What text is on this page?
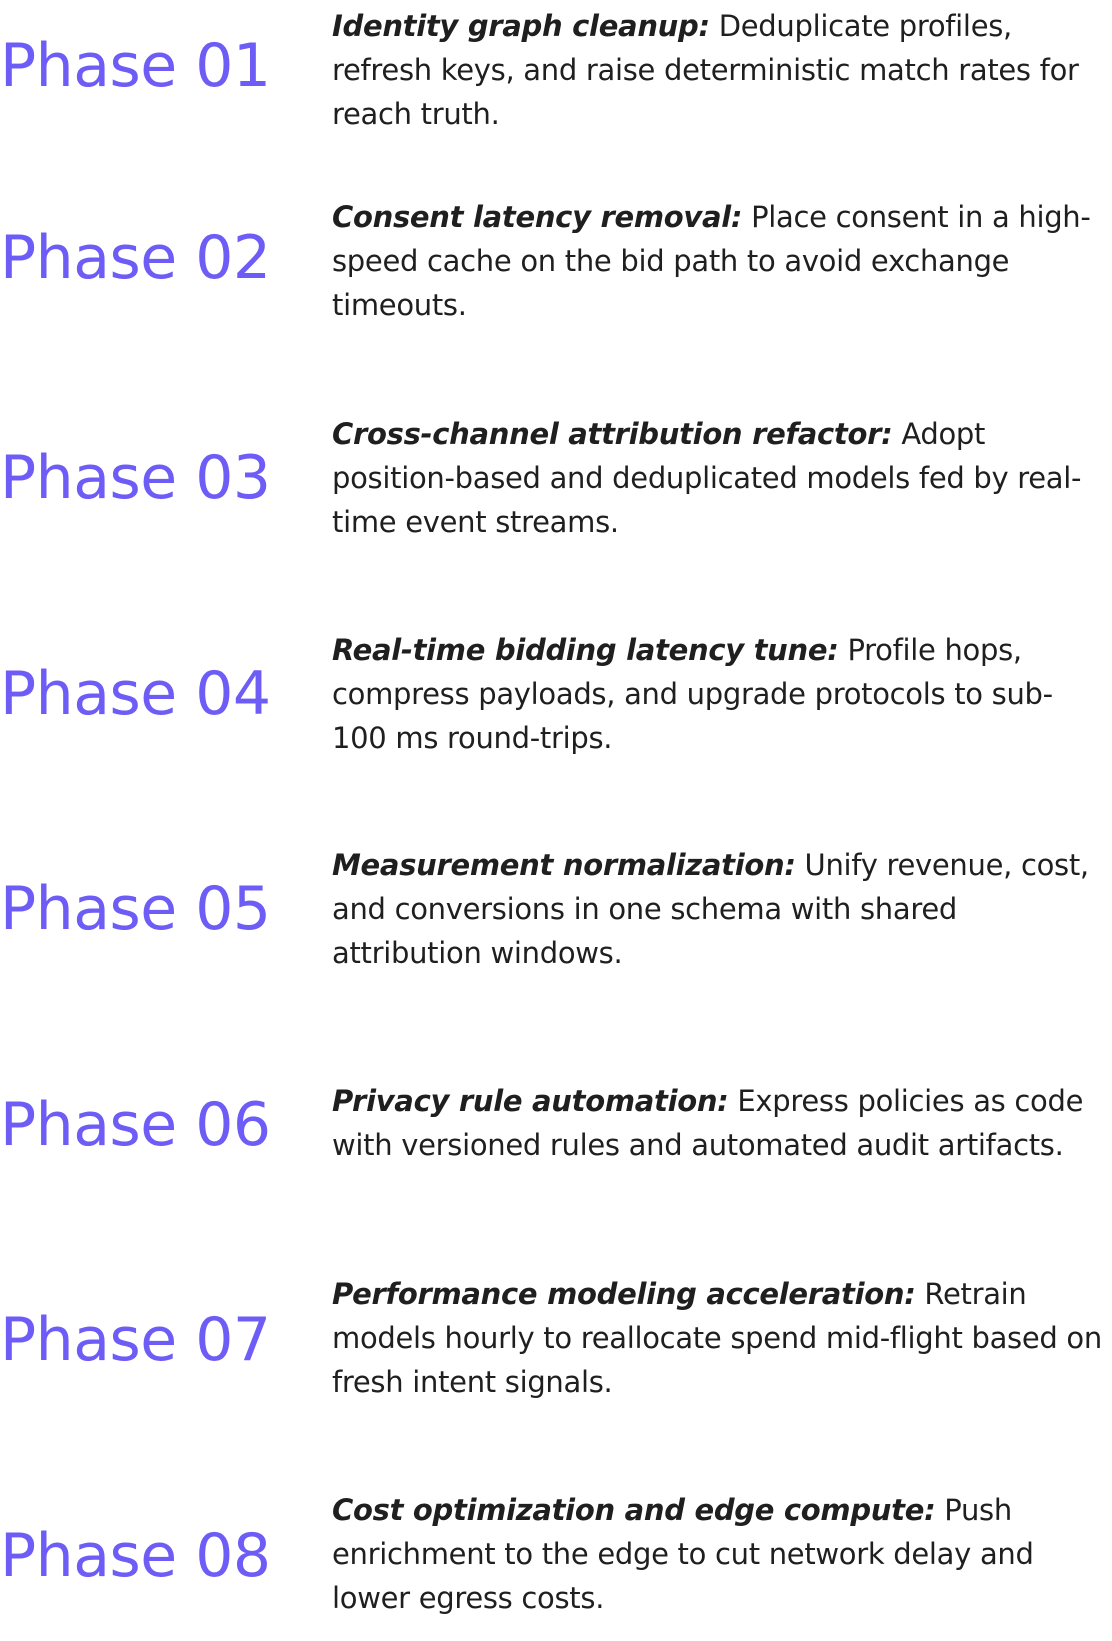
Phase 01
Identity graph cleanup: Deduplicate profiles, refresh keys, and raise deterministic match rates for reach truth.
Phase 02
Consent latency removal: Place consent in a high-speed cache on the bid path to avoid exchange timeouts.
Phase 03
Cross-channel attribution refactor: Adopt position-based and deduplicated models fed by real-time event streams.
Phase 04
Real-time bidding latency tune: Profile hops, compress payloads, and upgrade protocols to sub-100 ms round-trips.
Phase 05
Measurement normalization: Unify revenue, cost, and conversions in one schema with shared attribution windows.
Phase 06 Privacy rule automation: Express policies as code with versioned rules and automated audit artifacts.
Phase 07
Performance modeling acceleration: Retrain models hourly to reallocate spend mid-flight based on fresh intent signals.
Phase 08
Cost optimization and edge compute: Push enrichment to the edge to cut network delay and lower egress costs.
